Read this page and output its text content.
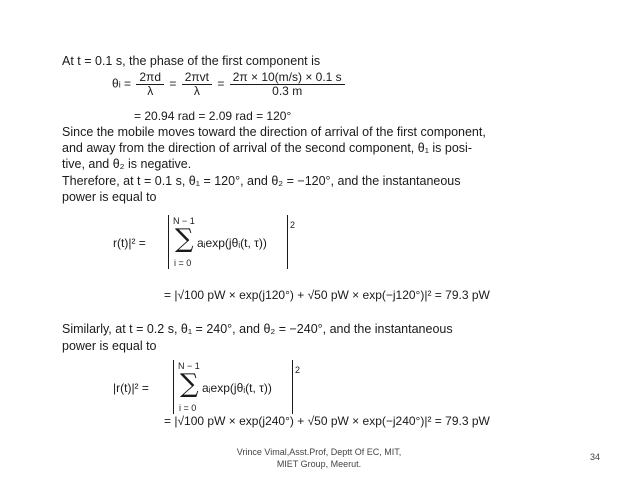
At t = 0.1 s, the phase of the first component is
$\theta i = \frac{2\pi d}{\lambda} = \frac{\text{2πvt}}{\lambda} = \frac{2\pi \times 10(m/s) \times 0.1 s}{0.3 m}$
= 20.94 rad = 2.09 rad = 120°
Since the mobile moves toward the direction of arrival of the first component,
and away from the direction of arrival of the second component, θ₁ is posi-
tive, and θ₂ is negative.
Therefore, at t = 0.1 s, θ₁ = 120°, and θ₂ = −120°, and the instantaneous
power is equal to
r(t)|² =
N − 1
∑
i = 0
aᵢexp(jθᵢ(t, τ))
2
= |√100 pW × exp(j120°) + √50 pW × exp(−j120°)|² = 79.3 pW
Similarly, at t = 0.2 s, θ₁ = 240°, and θ₂ = −240°, and the instantaneous
power is equal to
|r(t)|² =
N − 1
∑
i = 0
aᵢexp(jθᵢ(t, τ))
2
= |√100 pW × exp(j240°) + √50 pW × exp(−j240°)|² = 79.3 pW
Vrince Vimal,Asst.Prof, Deptt Of EC, MIT,
MIET Group, Meerut.
34
